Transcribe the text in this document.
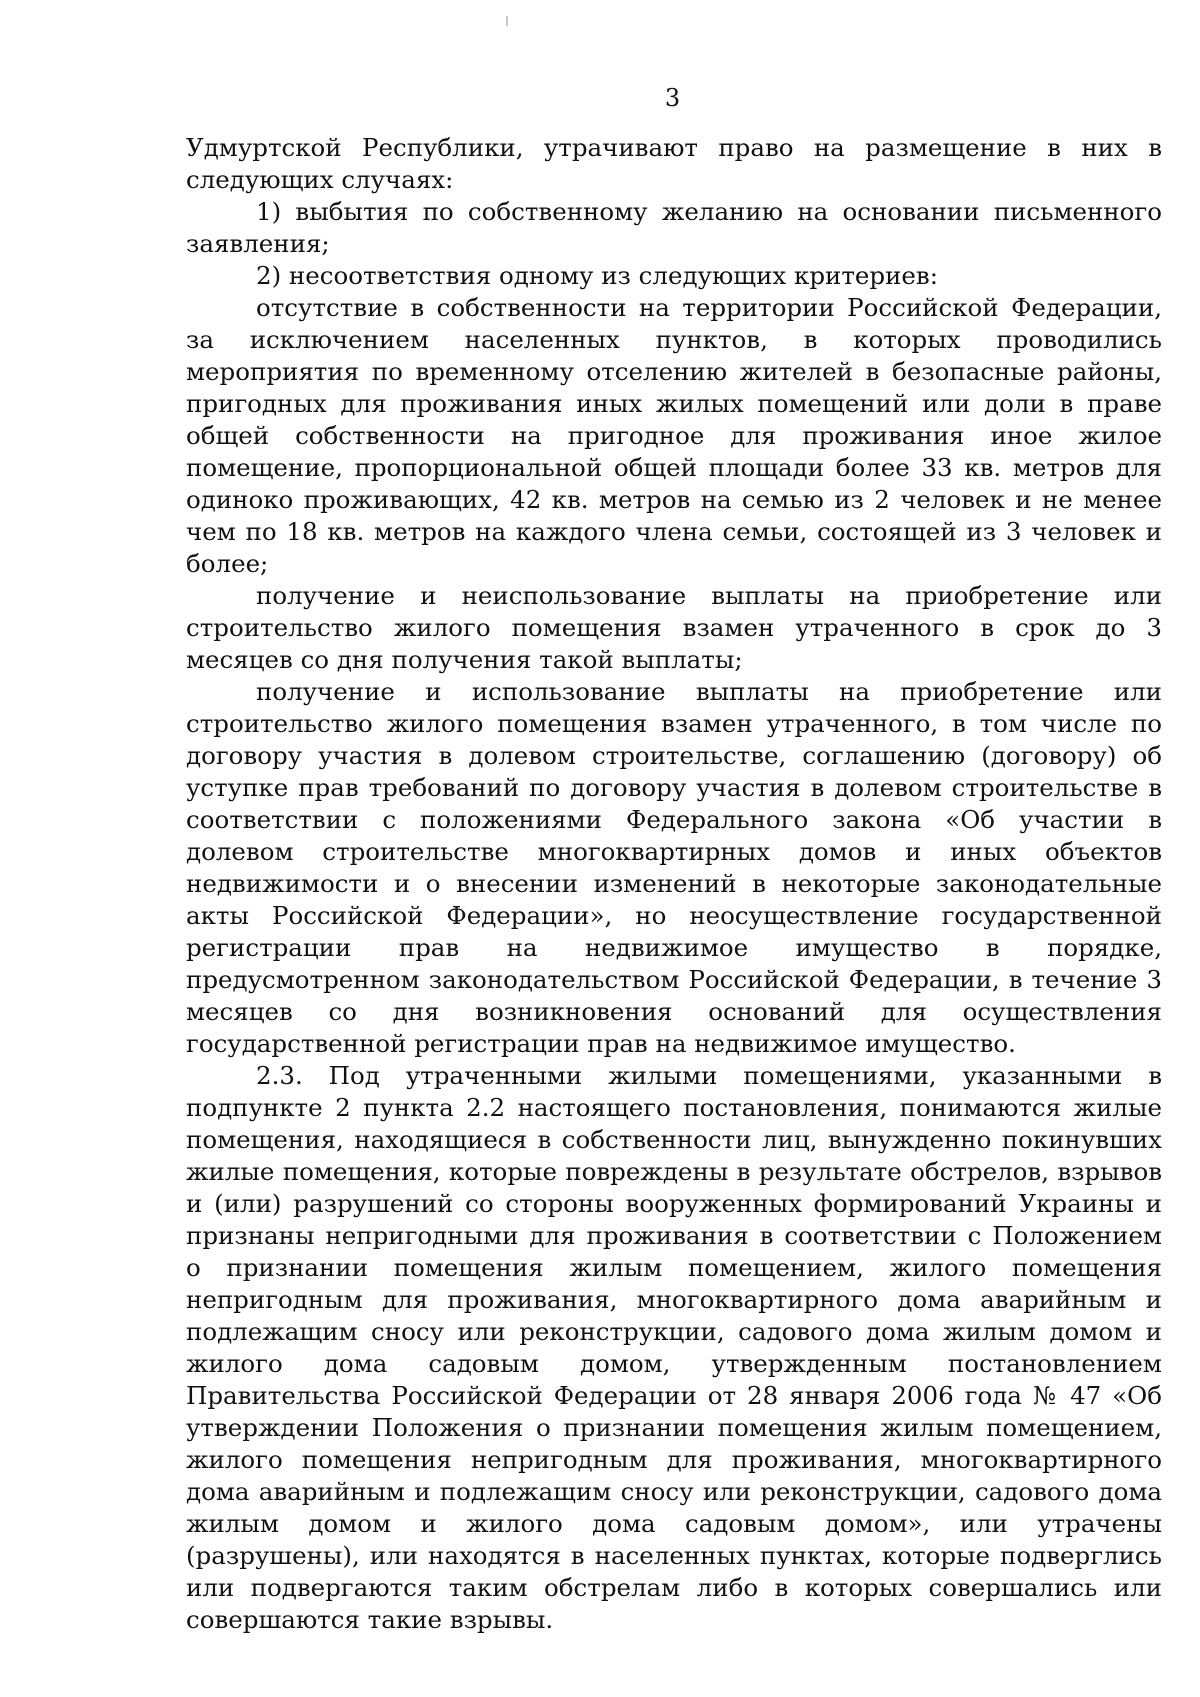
3

Удмуртской Республики, утрачивают право на размещение в них в следующих случаях:

1) выбытия по собственному желанию на основании письменного заявления;

2) несоответствия одному из следующих критериев:

отсутствие в собственности на территории Российской Федерации, за исключением населенных пунктов, в которых проводились мероприятия по временному отселению жителей в безопасные районы, пригодных для проживания иных жилых помещений или доли в праве общей собственности на пригодное для проживания иное жилое помещение, пропорциональной общей площади более 33 кв. метров для одиноко проживающих, 42 кв. метров на семью из 2 человек и не менее чем по 18 кв. метров на каждого члена семьи, состоящей из 3 человек и более;

получение и неиспользование выплаты на приобретение или строительство жилого помещения взамен утраченного в срок до 3 месяцев со дня получения такой выплаты;

получение и использование выплаты на приобретение или строительство жилого помещения взамен утраченного, в том числе по договору участия в долевом строительстве, соглашению (договору) об уступке прав требований по договору участия в долевом строительстве в соответствии с положениями Федерального закона «Об участии в долевом строительстве многоквартирных домов и иных объектов недвижимости и о внесении изменений в некоторые законодательные акты Российской Федерации», но неосуществление государственной регистрации прав на недвижимое имущество в порядке, предусмотренном законодательством Российской Федерации, в течение 3 месяцев со дня возникновения оснований для осуществления государственной регистрации прав на недвижимое имущество.

2.3. Под утраченными жилыми помещениями, указанными в подпункте 2 пункта 2.2 настоящего постановления, понимаются жилые помещения, находящиеся в собственности лиц, вынужденно покинувших жилые помещения, которые повреждены в результате обстрелов, взрывов и (или) разрушений со стороны вооруженных формирований Украины и признаны непригодными для проживания в соответствии с Положением о признании помещения жилым помещением, жилого помещения непригодным для проживания, многоквартирного дома аварийным и подлежащим сносу или реконструкции, садового дома жилым домом и жилого дома садовым домом, утвержденным постановлением Правительства Российской Федерации от 28 января 2006 года № 47 «Об утверждении Положения о признании помещения жилым помещением, жилого помещения непригодным для проживания, многоквартирного дома аварийным и подлежащим сносу или реконструкции, садового дома жилым домом и жилого дома садовым домом», или утрачены (разрушены), или находятся в населенных пунктах, которые подверглись или подвергаются таким обстрелам либо в которых совершались или совершаются такие взрывы.
